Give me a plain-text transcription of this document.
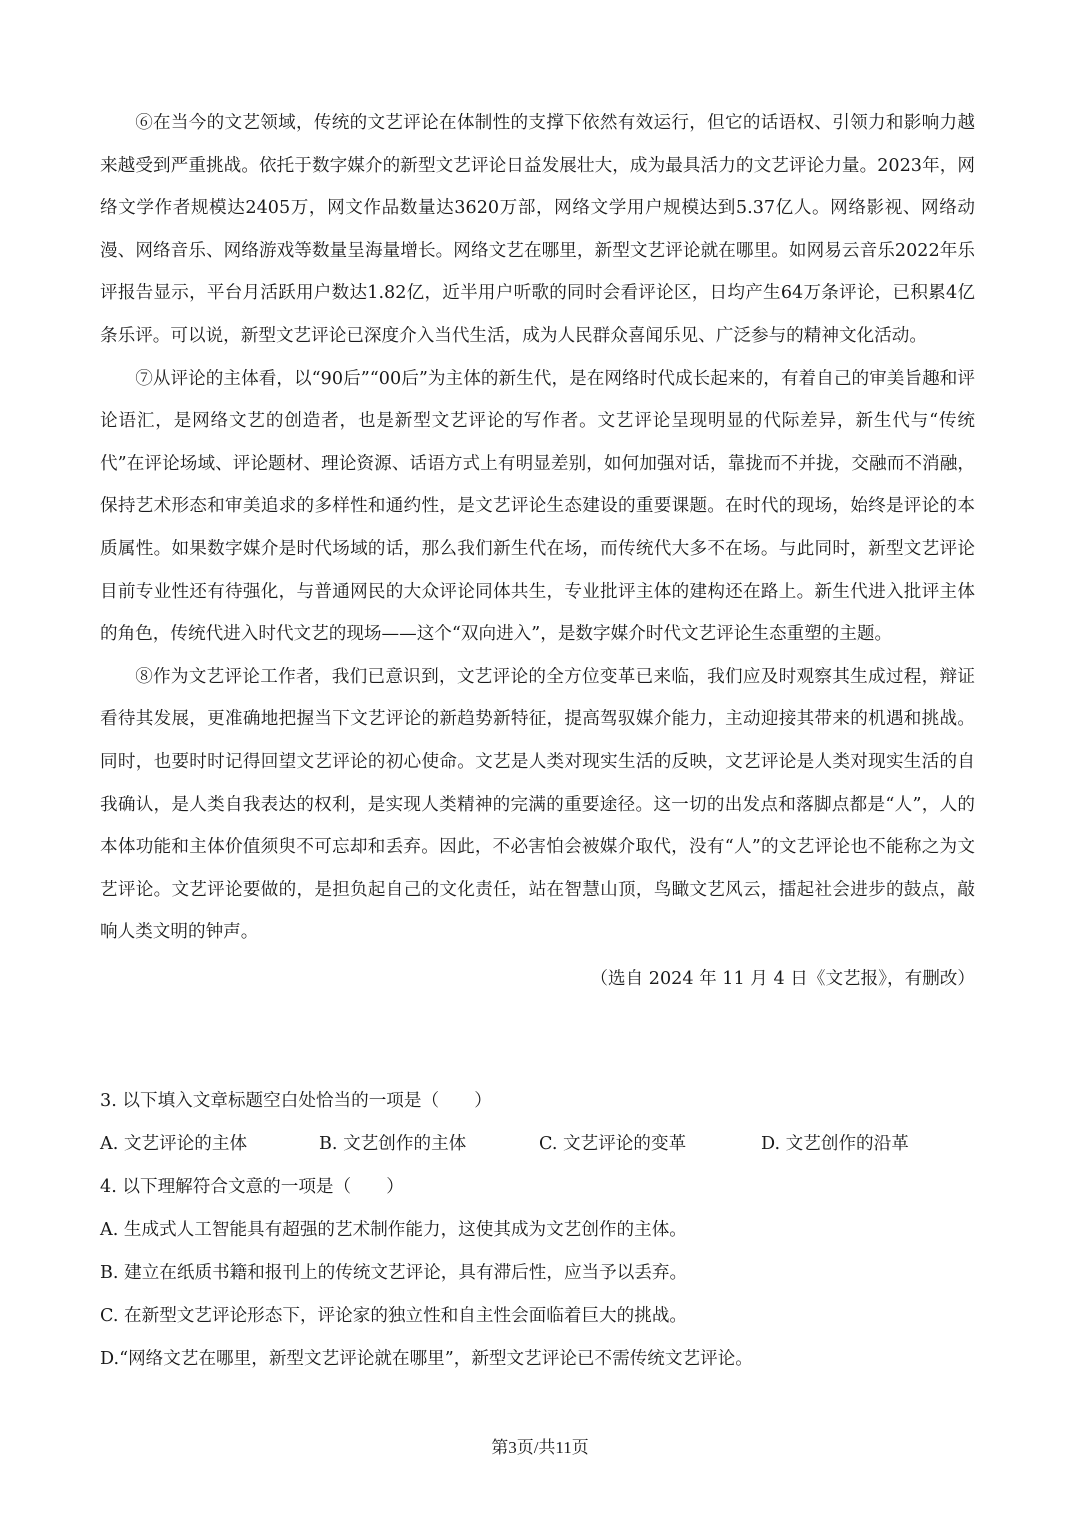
⑥在当今的文艺领域，传统的文艺评论在体制性的支撑下依然有效运行，但它的话语权、引领力和影响力越来越受到严重挑战。依托于数字媒介的新型文艺评论日益发展壮大，成为最具活力的文艺评论力量。2023年，网络文学作者规模达2405万，网文作品数量达3620万部，网络文学用户规模达到5.37亿人。网络影视、网络动漫、网络音乐、网络游戏等数量呈海量增长。网络文艺在哪里，新型文艺评论就在哪里。如网易云音乐2022年乐评报告显示，平台月活跃用户数达1.82亿，近半用户听歌的同时会看评论区，日均产生64万条评论，已积累4亿条乐评。可以说，新型文艺评论已深度介入当代生活，成为人民群众喜闻乐见、广泛参与的精神文化活动。

⑦从评论的主体看，以“90后”“00后”为主体的新生代，是在网络时代成长起来的，有着自己的审美旨趣和评论语汇，是网络文艺的创造者，也是新型文艺评论的写作者。文艺评论呈现明显的代际差异，新生代与“传统代”在评论场域、评论题材、理论资源、话语方式上有明显差别，如何加强对话，靠拢而不并拢，交融而不消融，保持艺术形态和审美追求的多样性和通约性，是文艺评论生态建设的重要课题。在时代的现场，始终是评论的本质属性。如果数字媒介是时代场域的话，那么我们新生代在场，而传统代大多不在场。与此同时，新型文艺评论目前专业性还有待强化，与普通网民的大众评论同体共生，专业批评主体的建构还在路上。新生代进入批评主体的角色，传统代进入时代文艺的现场——这个“双向进入”，是数字媒介时代文艺评论生态重塑的主题。

⑧作为文艺评论工作者，我们已意识到，文艺评论的全方位变革已来临，我们应及时观察其生成过程，辩证看待其发展，更准确地把握当下文艺评论的新趋势新特征，提高驾驭媒介能力，主动迎接其带来的机遇和挑战。同时，也要时时记得回望文艺评论的初心使命。文艺是人类对现实生活的反映，文艺评论是人类对现实生活的自我确认，是人类自我表达的权利，是实现人类精神的完满的重要途径。这一切的出发点和落脚点都是“人”，人的本体功能和主体价值须臾不可忘却和丢弃。因此，不必害怕会被媒介取代，没有“人”的文艺评论也不能称之为文艺评论。文艺评论要做的，是担负起自己的文化责任，站在智慧山顶，鸟瞰文艺风云，擂起社会进步的鼓点，敲响人类文明的钟声。

（选自 2024 年 11 月 4 日《文艺报》，有删改）

3. 以下填入文章标题空白处恰当的一项是（　　）
A. 文艺评论的主体	B. 文艺创作的主体	C. 文艺评论的变革	D. 文艺创作的沿革
4. 以下理解符合文意的一项是（　　）
A. 生成式人工智能具有超强的艺术制作能力，这使其成为文艺创作的主体。
B. 建立在纸质书籍和报刊上的传统文艺评论，具有滞后性，应当予以丢弃。
C. 在新型文艺评论形态下，评论家的独立性和自主性会面临着巨大的挑战。
D.“网络文艺在哪里，新型文艺评论就在哪里”，新型文艺评论已不需传统文艺评论。
第3页/共11页
